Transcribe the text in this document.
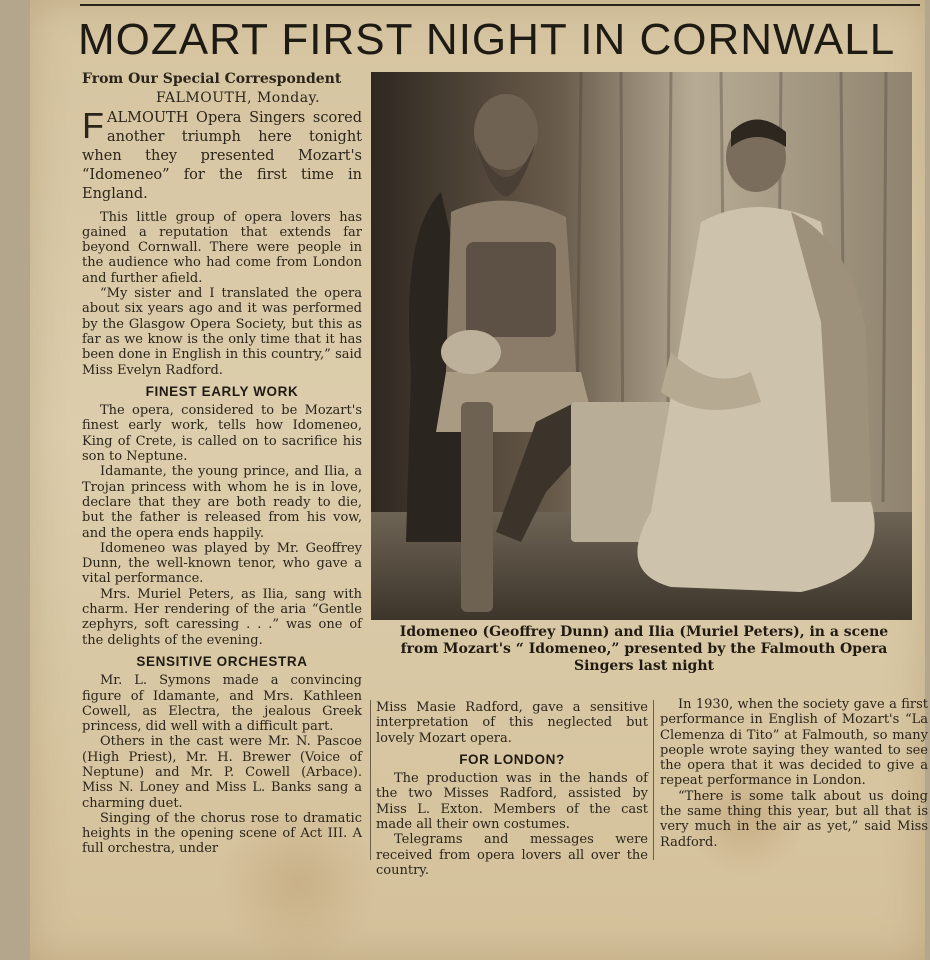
MOZART FIRST NIGHT IN CORNWALL
From Our Special Correspondent
FALMOUTH, Monday.
FALMOUTH Opera Singers scored another triumph here tonight when they presented Mozart's “Idomeneo” for the first time in England.

This little group of opera lovers has gained a reputation that extends far beyond Cornwall. There were people in the audience who had come from London and further afield.

“My sister and I translated the opera about six years ago and it was performed by the Glasgow Opera Society, but this as far as we know is the only time that it has been done in English in this country,” said Miss Evelyn Radford.

FINEST EARLY WORK

The opera, considered to be Mozart's finest early work, tells how Idomeneo, King of Crete, is called on to sacrifice his son to Neptune.

Idamante, the young prince, and Ilia, a Trojan princess with whom he is in love, declare that they are both ready to die, but the father is released from his vow, and the opera ends happily.

Idomeneo was played by Mr. Geoffrey Dunn, the well-known tenor, who gave a vital performance.

Mrs. Muriel Peters, as Ilia, sang with charm. Her rendering of the aria “Gentle zephyrs, soft caressing . . .” was one of the delights of the evening.

SENSITIVE ORCHESTRA

Mr. L. Symons made a convincing figure of Idamante, and Mrs. Kathleen Cowell, as Electra, the jealous Greek princess, did well with a difficult part.

Others in the cast were Mr. N. Pascoe (High Priest), Mr. H. Brewer (Voice of Neptune) and Mr. P. Cowell (Arbace). Miss N. Loney and Miss L. Banks sang a charming duet.

Singing of the chorus rose to dramatic heights in the opening scene of Act III. A full orchestra, under

Idomeneo (Geoffrey Dunn) and Ilia (Muriel Peters), in a scene from Mozart's “ Idomeneo,” presented by the Falmouth Opera Singers last night

Miss Masie Radford, gave a sensitive interpretation of this neglected but lovely Mozart opera.

FOR LONDON?

The production was in the hands of the two Misses Radford, assisted by Miss L. Exton. Members of the cast made all their own costumes.

Telegrams and messages were received from opera lovers all over the country.

In 1930, when the society gave a first performance in English of Mozart's “La Clemenza di Tito” at Falmouth, so many people wrote saying they wanted to see the opera that it was decided to give a repeat performance in London.

“There is some talk about us doing the same thing this year, but all that is very much in the air as yet,” said Miss Radford.
